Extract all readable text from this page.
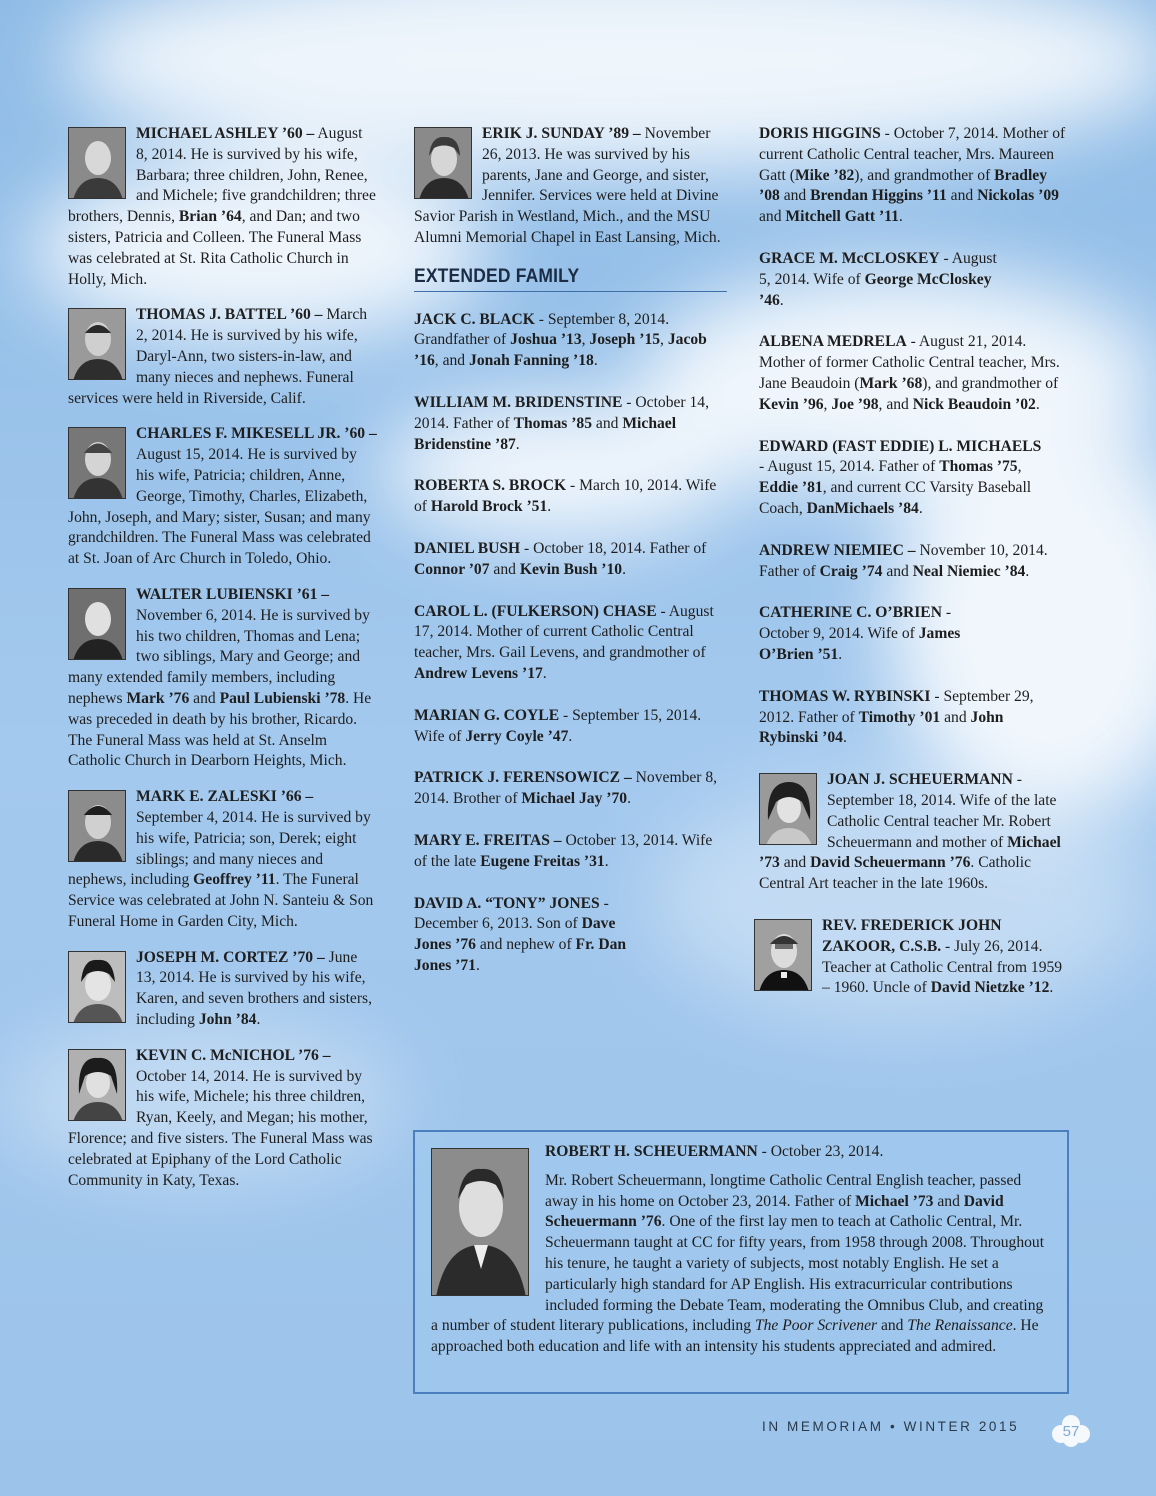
MICHAEL ASHLEY ’60 – August 8, 2014. He is survived by his wife, Barbara; three children, John, Renee, and Michele; five grandchildren; three brothers, Dennis, Brian ’64, and Dan; and two sisters, Patricia and Colleen. The Funeral Mass was celebrated at St. Rita Catholic Church in Holly, Mich.
THOMAS J. BATTEL ’60 – March 2, 2014. He is survived by his wife, Daryl-Ann, two sisters-in-law, and many nieces and nephews. Funeral services were held in Riverside, Calif.
CHARLES F. MIKESELL JR. ’60 – August 15, 2014. He is survived by his wife, Patricia; children, Anne, George, Timothy, Charles, Elizabeth, John, Joseph, and Mary; sister, Susan; and many grandchildren. The Funeral Mass was celebrated at St. Joan of Arc Church in Toledo, Ohio.
WALTER LUBIENSKI ’61 – November 6, 2014. He is survived by his two children, Thomas and Lena; two siblings, Mary and George; and many extended family members, including nephews Mark ’76 and Paul Lubienski ’78. He was preceded in death by his brother, Ricardo. The Funeral Mass was held at St. Anselm Catholic Church in Dearborn Heights, Mich.
MARK E. ZALESKI ’66 – September 4, 2014. He is survived by his wife, Patricia; son, Derek; eight siblings; and many nieces and nephews, including Geoffrey ’11. The Funeral Service was celebrated at John N. Santeiu & Son Funeral Home in Garden City, Mich.
JOSEPH M. CORTEZ ’70 – June 13, 2014. He is survived by his wife, Karen, and seven brothers and sisters, including John ’84.
KEVIN C. McNICHOL ’76 – October 14, 2014. He is survived by his wife, Michele; his three children, Ryan, Keely, and Megan; his mother, Florence; and five sisters. The Funeral Mass was celebrated at Epiphany of the Lord Catholic Community in Katy, Texas.
ERIK J. SUNDAY ’89 – November 26, 2013. He was survived by his parents, Jane and George, and sister, Jennifer. Services were held at Divine Savior Parish in Westland, Mich., and the MSU Alumni Memorial Chapel in East Lansing, Mich.
EXTENDED FAMILY
JACK C. BLACK - September 8, 2014. Grandfather of Joshua ’13, Joseph ’15, Jacob ’16, and Jonah Fanning ’18.
WILLIAM M. BRIDENSTINE - October 14, 2014. Father of Thomas ’85 and Michael Bridenstine ’87.
ROBERTA S. BROCK - March 10, 2014. Wife of Harold Brock ’51.
DANIEL BUSH - October 18, 2014. Father of Connor ’07 and Kevin Bush ’10.
CAROL L. (FULKERSON) CHASE - August 17, 2014. Mother of current Catholic Central teacher, Mrs. Gail Levens, and grandmother of Andrew Levens ’17.
MARIAN G. COYLE - September 15, 2014. Wife of Jerry Coyle ’47.
PATRICK J. FERENSOWICZ – November 8, 2014. Brother of Michael Jay ’70.
MARY E. FREITAS – October 13, 2014. Wife of the late Eugene Freitas ’31.
DAVID A. “TONY” JONES - December 6, 2013. Son of Dave Jones ’76 and nephew of Fr. Dan Jones ’71.
DORIS HIGGINS - October 7, 2014. Mother of current Catholic Central teacher, Mrs. Maureen Gatt (Mike ’82), and grandmother of Bradley ’08 and Brendan Higgins ’11 and Nickolas ’09 and Mitchell Gatt ’11.
GRACE M. McCLOSKEY - August 5, 2014. Wife of George McCloskey ’46.
ALBENA MEDRELA - August 21, 2014. Mother of former Catholic Central teacher, Mrs. Jane Beaudoin (Mark ’68), and grandmother of Kevin ’96, Joe ’98, and Nick Beaudoin ’02.
EDWARD (FAST EDDIE) L. MICHAELS - August 15, 2014. Father of Thomas ’75, Eddie ’81, and current CC Varsity Baseball Coach, DanMichaels ’84.
ANDREW NIEMIEC – November 10, 2014. Father of Craig ’74 and Neal Niemiec ’84.
CATHERINE C. O’BRIEN - October 9, 2014. Wife of James O’Brien ’51.
THOMAS W. RYBINSKI - September 29, 2012. Father of Timothy ’01 and John Rybinski ’04.
JOAN J. SCHEUERMANN - September 18, 2014. Wife of the late Catholic Central teacher Mr. Robert Scheuermann and mother of Michael ’73 and David Scheuermann ’76. Catholic Central Art teacher in the late 1960s.
REV. FREDERICK JOHN ZAKOOR, C.S.B. - July 26, 2014. Teacher at Catholic Central from 1959 – 1960. Uncle of David Nietzke ’12.

ROBERT H. SCHEUERMANN - October 23, 2014.

Mr. Robert Scheuermann, longtime Catholic Central English teacher, passed away in his home on October 23, 2014. Father of Michael ’73 and David Scheuermann ’76. One of the first lay men to teach at Catholic Central, Mr. Scheuermann taught at CC for fifty years, from 1958 through 2008. Throughout his tenure, he taught a variety of subjects, most notably English. He set a particularly high standard for AP English. His extracurricular contributions included forming the Debate Team, moderating the Omnibus Club, and creating a number of student literary publications, including The Poor Scrivener and The Renaissance. He approached both education and life with an intensity his students appreciated and admired.

IN MEMORIAM • WINTER 2015	57
